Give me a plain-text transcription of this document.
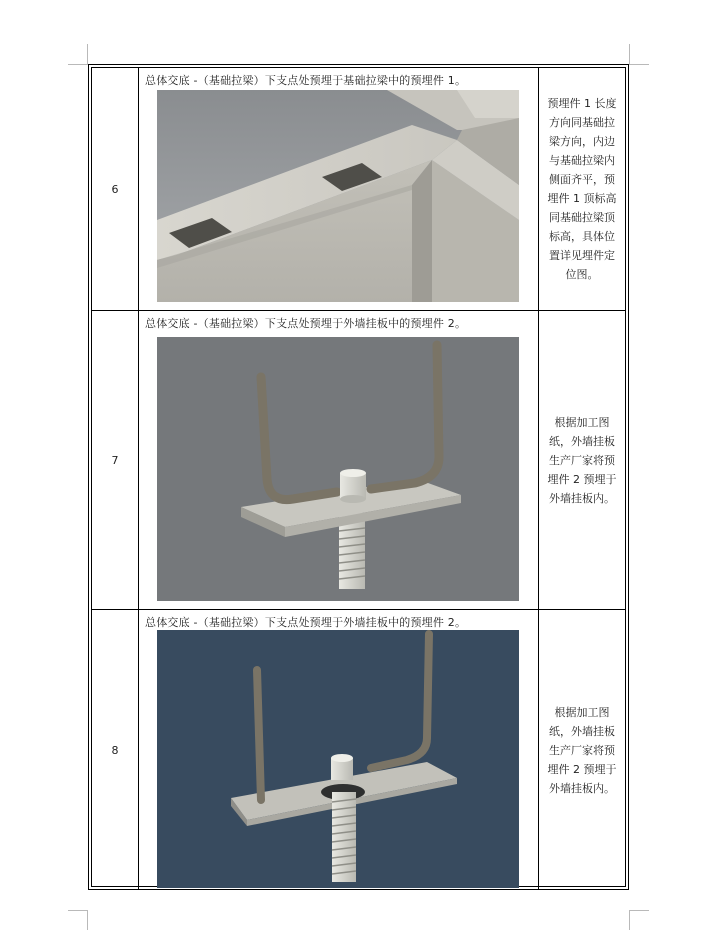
6
总体交底 -（基础拉梁）下支点处预埋于基础拉梁中的预埋件 1。
预埋件 1 长度方向同基础拉梁方向，内边与基础拉梁内侧面齐平，预埋件 1 顶标高同基础拉梁顶标高，具体位置详见埋件定位图。
7
总体交底 -（基础拉梁）下支点处预埋于外墙挂板中的预埋件 2。
根据加工图纸，外墙挂板生产厂家将预埋件 2 预埋于外墙挂板内。
8
总体交底 -（基础拉梁）下支点处预埋于外墙挂板中的预埋件 2。
根据加工图纸，外墙挂板生产厂家将预埋件 2 预埋于外墙挂板内。
